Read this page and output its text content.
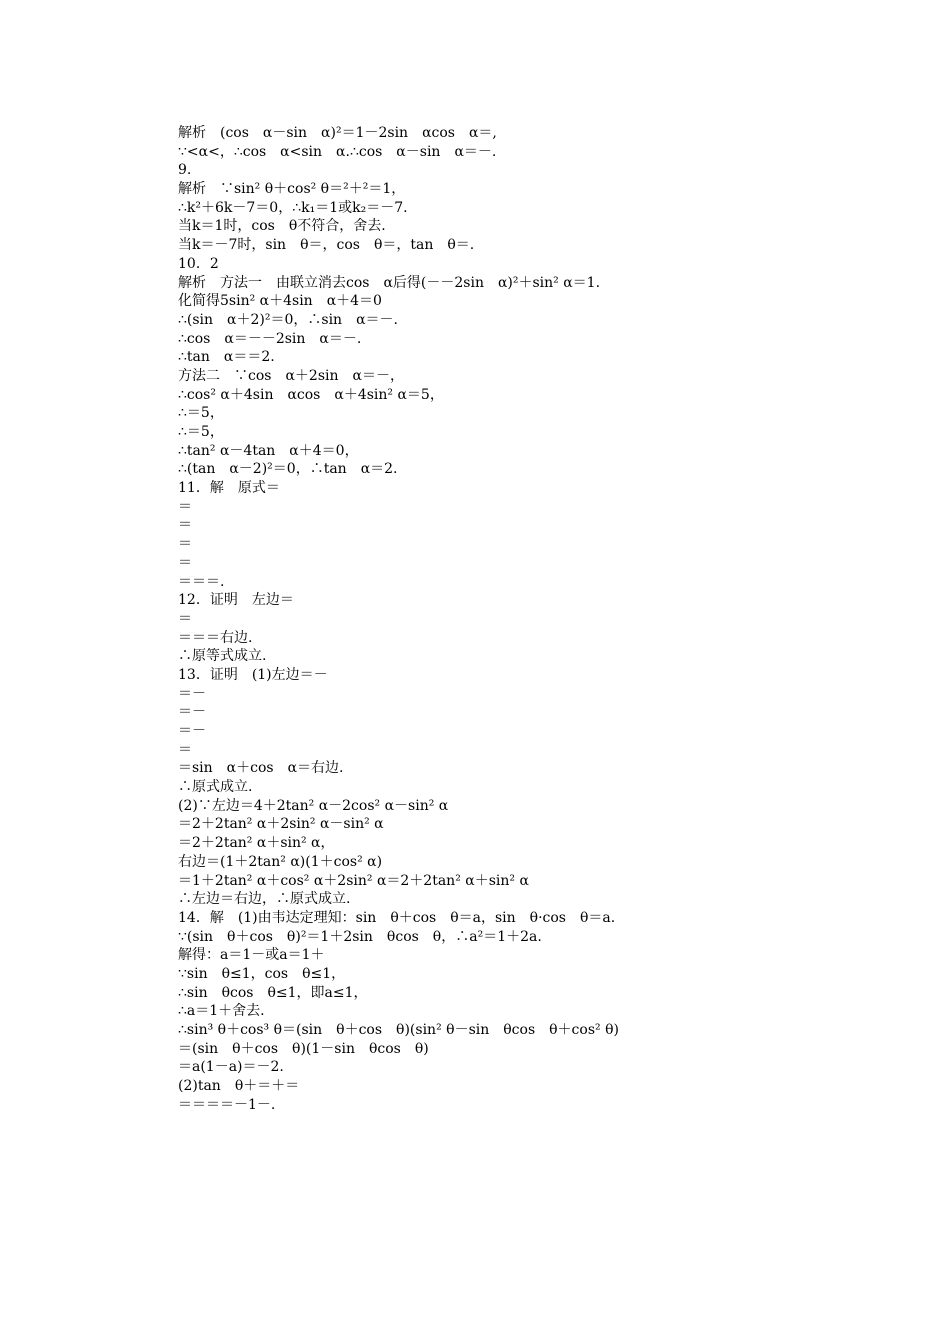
解析　(cos　α－sin　α)²＝1－2sin　αcos　α＝,
∵<α<，∴cos　α<sin　α.∴cos　α－sin　α＝－.
9.
解析　∵sin² θ＋cos² θ＝²＋²＝1，
∴k²＋6k－7＝0，∴k₁＝1或k₂＝－7.
当k＝1时，cos　θ不符合，舍去.
当k＝－7时，sin　θ＝，cos　θ＝，tan　θ＝.
10．2
解析　方法一　由联立消去cos　α后得(－－2sin　α)²＋sin² α＝1.
化简得5sin² α＋4sin　α＋4＝0
∴(sin　α＋2)²＝0，∴sin　α＝－.
∴cos　α＝－－2sin　α＝－.
∴tan　α＝＝2.
方法二　∵cos　α＋2sin　α＝－，
∴cos² α＋4sin　αcos　α＋4sin² α＝5，
∴＝5，
∴＝5，
∴tan² α－4tan　α＋4＝0，
∴(tan　α－2)²＝0，∴tan　α＝2.
11．解　原式＝
＝
＝
＝
＝
＝＝＝.
12．证明　左边＝
＝
＝＝＝右边.
∴原等式成立.
13．证明　(1)左边＝－
＝－
＝－
＝－
＝
＝sin　α＋cos　α＝右边.
∴原式成立.
(2)∵左边＝4＋2tan² α－2cos² α－sin² α
＝2＋2tan² α＋2sin² α－sin² α
＝2＋2tan² α＋sin² α，
右边＝(1＋2tan² α)(1＋cos² α)
＝1＋2tan² α＋cos² α＋2sin² α＝2＋2tan² α＋sin² α
∴左边＝右边，∴原式成立.
14．解　(1)由韦达定理知：sin　θ＋cos　θ＝a，sin　θ·cos　θ＝a.
∵(sin　θ＋cos　θ)²＝1＋2sin　θcos　θ，∴a²＝1＋2a.
解得：a＝1－或a＝1＋
∵sin　θ≤1，cos　θ≤1，
∴sin　θcos　θ≤1，即a≤1，
∴a＝1＋舍去.
∴sin³ θ＋cos³ θ＝(sin　θ＋cos　θ)(sin² θ－sin　θcos　θ＋cos² θ)
＝(sin　θ＋cos　θ)(1－sin　θcos　θ)
＝a(1－a)＝－2.
(2)tan　θ＋＝＋＝
＝＝＝＝－1－.
